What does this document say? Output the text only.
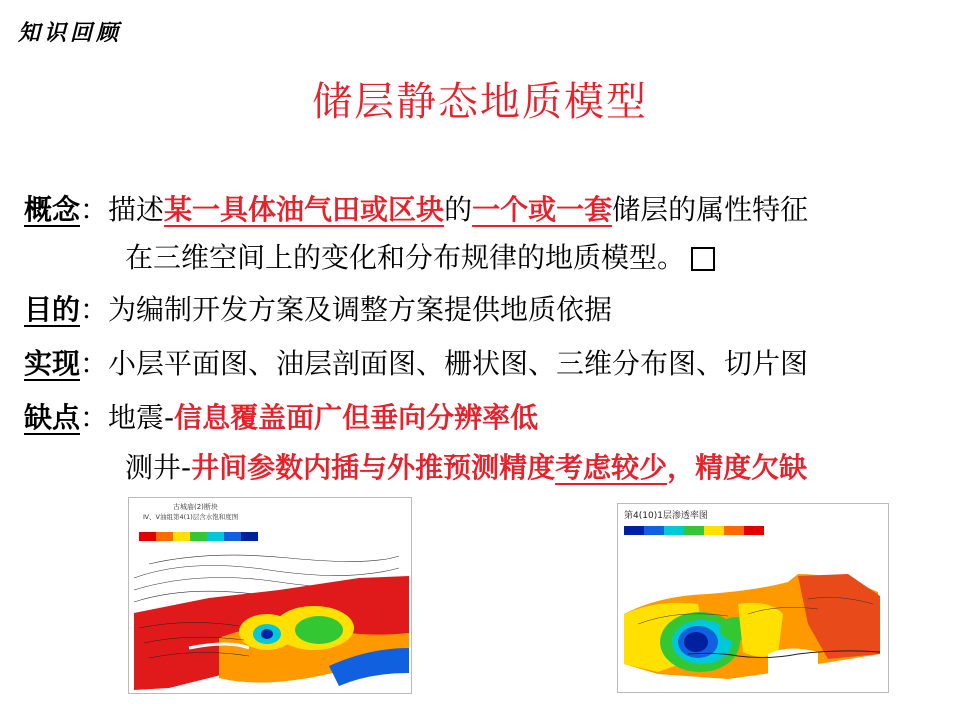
知识回顾
储层静态地质模型
概念：描述某一具体油气田或区块的一个或一套储层的属性特征
在三维空间上的变化和分布规律的地质模型。
目的：为编制开发方案及调整方案提供地质依据
实现：小层平面图、油层剖面图、栅状图、三维分布图、切片图
缺点：地震-信息覆盖面广但垂向分辨率低
测井-井间参数内插与外推预测精度考虑较少，精度欠缺
古城庙(2)断块
Ⅳ、Ⅴ油组第4(1)层含水饱和度图	第4(10)1层渗透率图
